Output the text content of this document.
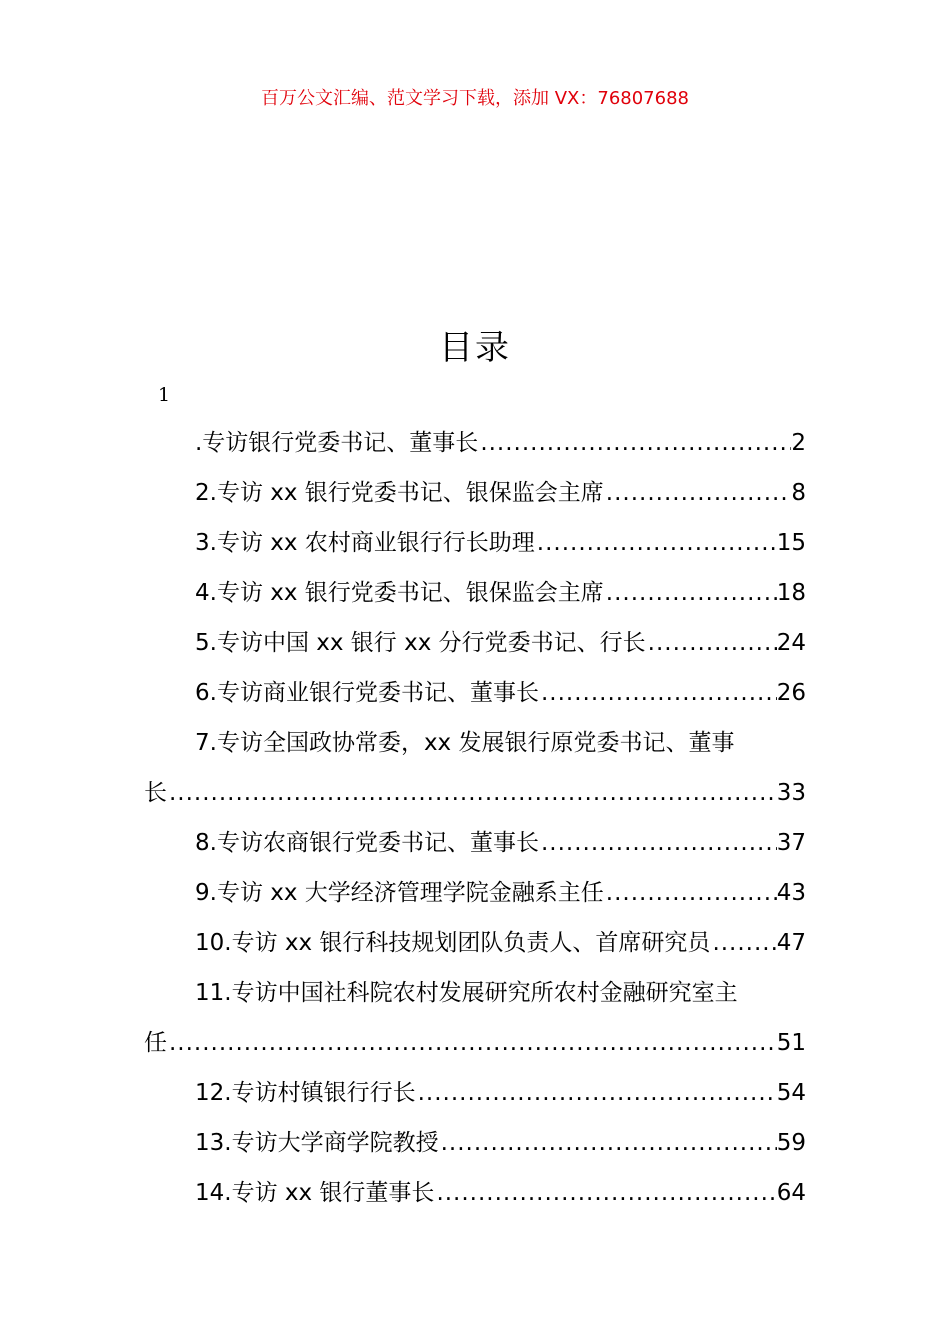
百万公文汇编、范文学习下载，添加 VX：76807688
目录
1
.专访银行党委书记、董事长 .....	2
2.专访 xx 银行党委书记、银保监会主席 .....	8
3.专访 xx 农村商业银行行长助理 .....	15
4.专访 xx 银行党委书记、银保监会主席 .....	18
5.专访中国 xx 银行 xx 分行党委书记、行长 .....	24
6.专访商业银行党委书记、董事长 .....	26
7.专访全国政协常委，xx 发展银行原党委书记、董事
长 .....	33
8.专访农商银行党委书记、董事长 .....	37
9.专访 xx 大学经济管理学院金融系主任 .....	43
10.专访 xx 银行科技规划团队负责人、首席研究员 .....	47
11.专访中国社科院农村发展研究所农村金融研究室主
任 .....	51
12.专访村镇银行行长 .....	54
13.专访大学商学院教授 .....	59
14.专访 xx 银行董事长 .....	64
